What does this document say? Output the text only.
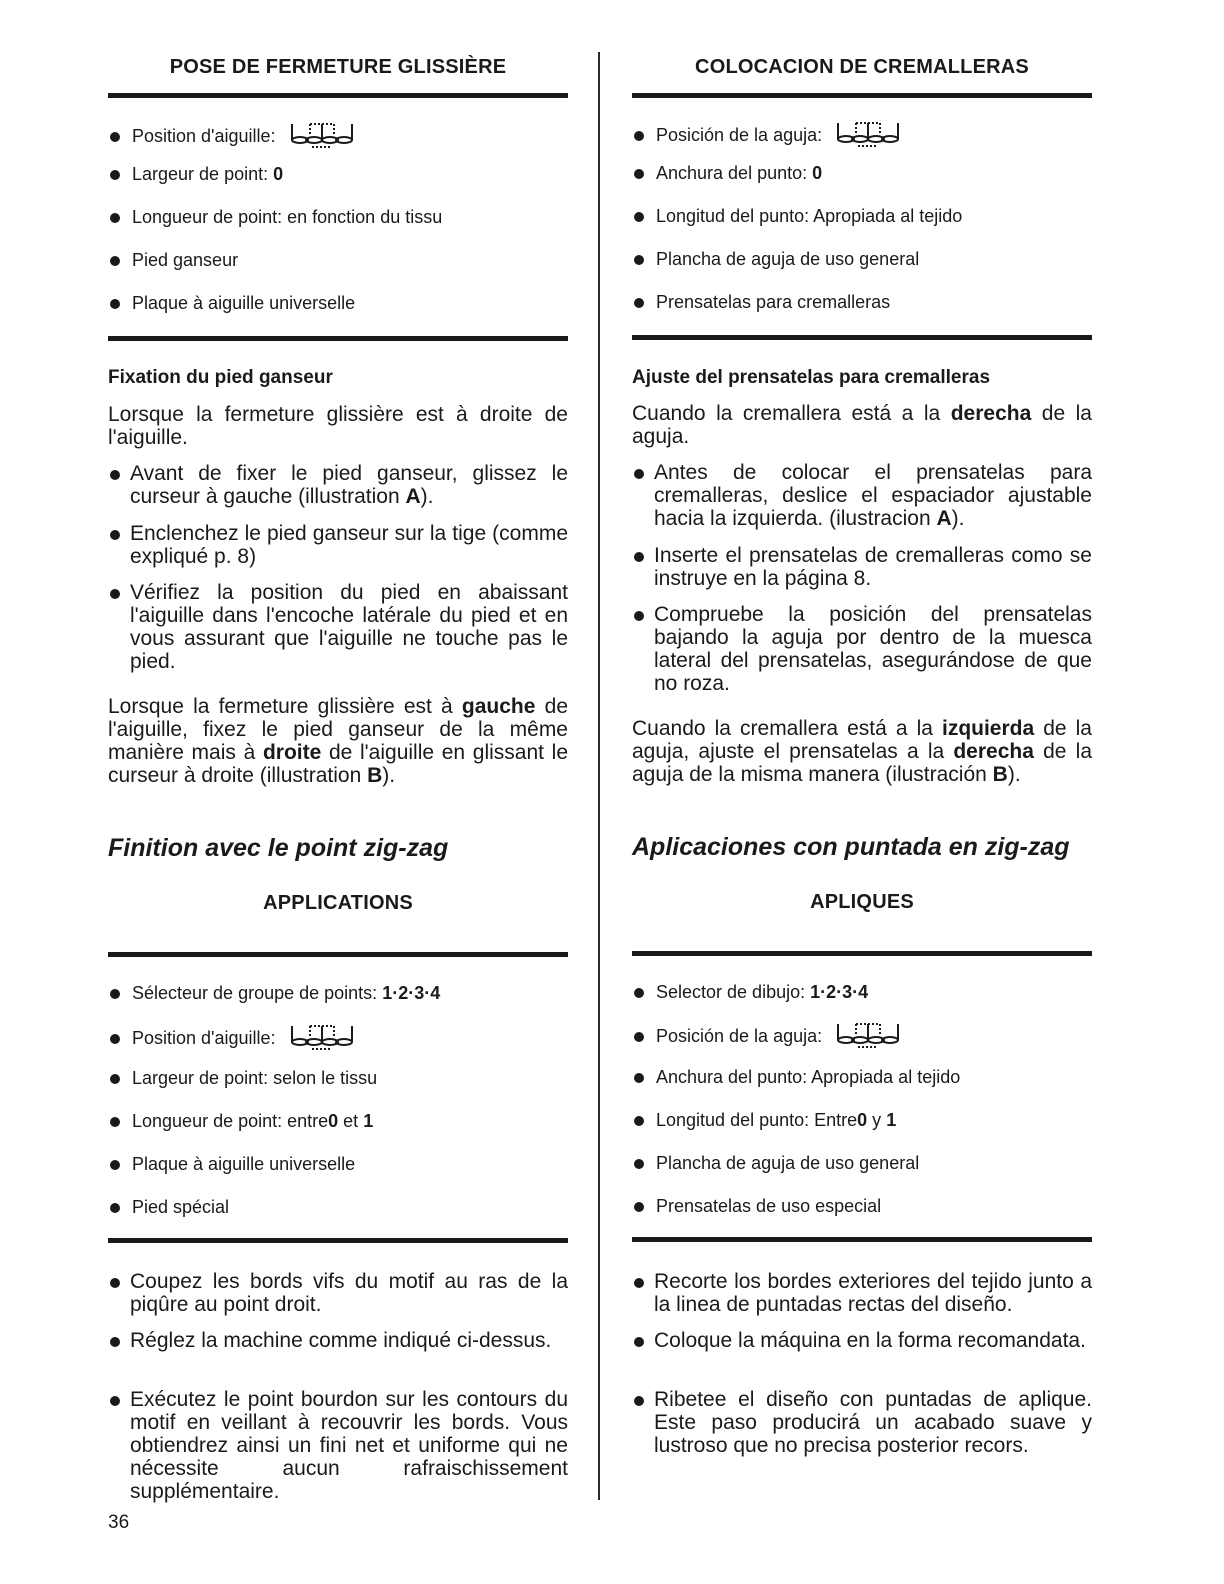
POSE DE FERMETURE GLISSIÈRE
Position d'aiguille:
Largeur de point:
0
Longueur de point: en fonction du tissu
Pied ganseur
Plaque à aiguille universelle
Fixation du pied ganseur

Lorsque la fermeture glissière est à droite de l'aiguille.

Avant de fixer le pied ganseur, glissez le curseur à gauche (illustration A).
Enclenchez le pied ganseur sur la tige (comme expliqué p. 8)
Vérifiez la position du pied en abaissant l'aiguille dans l'encoche latérale du pied et en vous assurant que l'aiguille ne touche pas le pied.

Lorsque la fermeture glissière est à gauche de l'aiguille, fixez le pied ganseur de la même manière mais à droite de l'aiguille en glissant le curseur à droite (illustration B).

Finition avec le point zig-zag
APPLICATIONS
Sélecteur de groupe de points:
1·2·3·4
Position d'aiguille:
Largeur de point: selon le tissu
Longueur de point: entre 0 et 1
Plaque à aiguille universelle
Pied spécial
Coupez les bords vifs du motif au ras de la piqûre au point droit.
Réglez la machine comme indiqué ci-dessus.
Exécutez le point bourdon sur les contours du motif en veillant à recouvrir les bords. Vous obtiendrez ainsi un fini net et uniforme qui ne nécessite aucun rafraischissement supplémentaire.
COLOCACION DE CREMALLERAS
Posición de la aguja:
Anchura del punto:
0
Longitud del punto: Apropiada al tejido
Plancha de aguja de uso general
Prensatelas para cremalleras
Ajuste del prensatelas para cremalleras

Cuando la cremallera está a la derecha de la aguja.

Antes de colocar el prensatelas para cremalleras, deslice el espaciador ajustable hacia la izquierda. (ilustracion A).
Inserte el prensatelas de cremalleras como se instruye en la página 8.
Compruebe la posición del prensatelas bajando la aguja por dentro de la muesca lateral del prensatelas, asegurándose de que no roza.

Cuando la cremallera está a la izquierda de la aguja, ajuste el prensatelas a la derecha de la aguja de la misma manera (ilustración B).

Aplicaciones con puntada en zig-zag
APLIQUES
Selector de dibujo:
1·2·3·4
Posición de la aguja:
Anchura del punto: Apropiada al tejido
Longitud del punto: Entre 0 y 1
Plancha de aguja de uso general
Prensatelas de uso especial
Recorte los bordes exteriores del tejido junto a la linea de puntadas rectas del diseño.
Coloque la máquina en la forma recomandata.
Ribetee el diseño con puntadas de aplique. Este paso producirá un acabado suave y lustroso que no precisa posterior recors.
36
